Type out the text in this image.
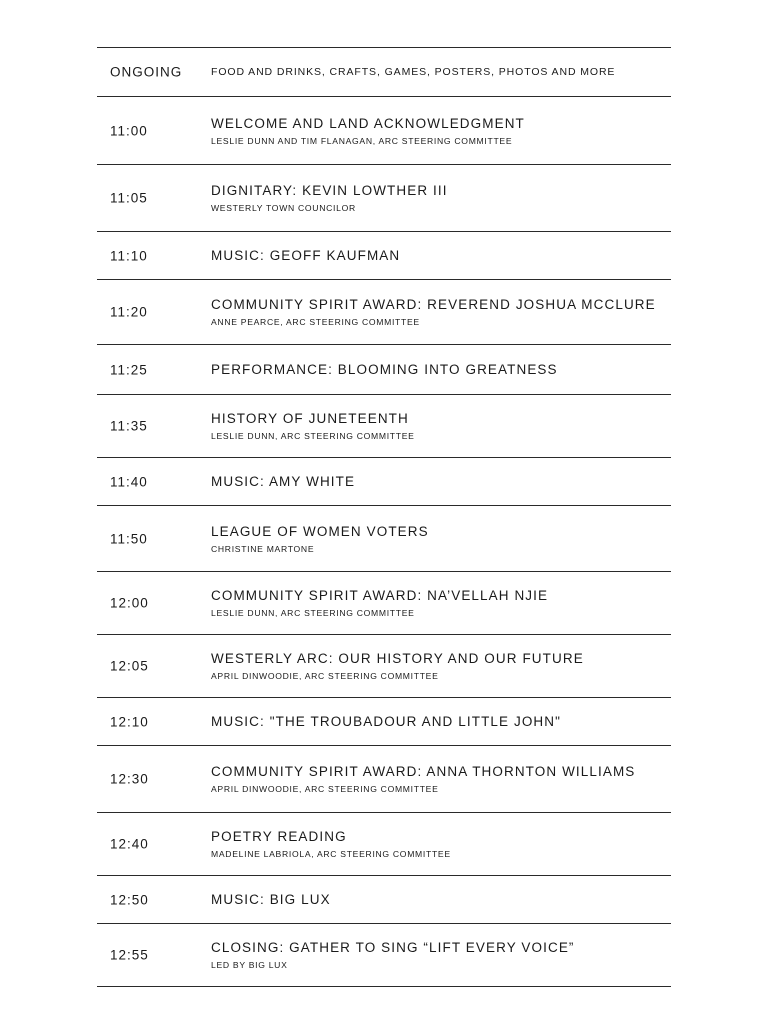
ONGOING	FOOD AND DRINKS, CRAFTS, GAMES, POSTERS, PHOTOS AND MORE
11:00	WELCOME AND LAND ACKNOWLEDGMENT
LESLIE DUNN AND TIM FLANAGAN, ARC STEERING COMMITTEE
11:05	DIGNITARY: KEVIN LOWTHER III
WESTERLY TOWN COUNCILOR
11:10	MUSIC: GEOFF KAUFMAN
11:20	COMMUNITY SPIRIT AWARD: REVEREND JOSHUA MCCLURE
ANNE PEARCE, ARC STEERING COMMITTEE
11:25	PERFORMANCE: BLOOMING INTO GREATNESS
11:35	HISTORY OF JUNETEENTH
LESLIE DUNN, ARC STEERING COMMITTEE
11:40	MUSIC: AMY WHITE
11:50	LEAGUE OF WOMEN VOTERS
CHRISTINE MARTONE
12:00	COMMUNITY SPIRIT AWARD: NA’VELLAH NJIE
LESLIE DUNN, ARC STEERING COMMITTEE
12:05	WESTERLY ARC: OUR HISTORY AND OUR FUTURE
APRIL DINWOODIE, ARC STEERING COMMITTEE
12:10	MUSIC: "THE TROUBADOUR AND LITTLE JOHN"
12:30	COMMUNITY SPIRIT AWARD: ANNA THORNTON WILLIAMS
APRIL DINWOODIE, ARC STEERING COMMITTEE
12:40	POETRY READING
MADELINE LABRIOLA, ARC STEERING COMMITTEE
12:50	MUSIC: BIG LUX
12:55	CLOSING: GATHER TO SING “LIFT EVERY VOICE”
LED BY BIG LUX
